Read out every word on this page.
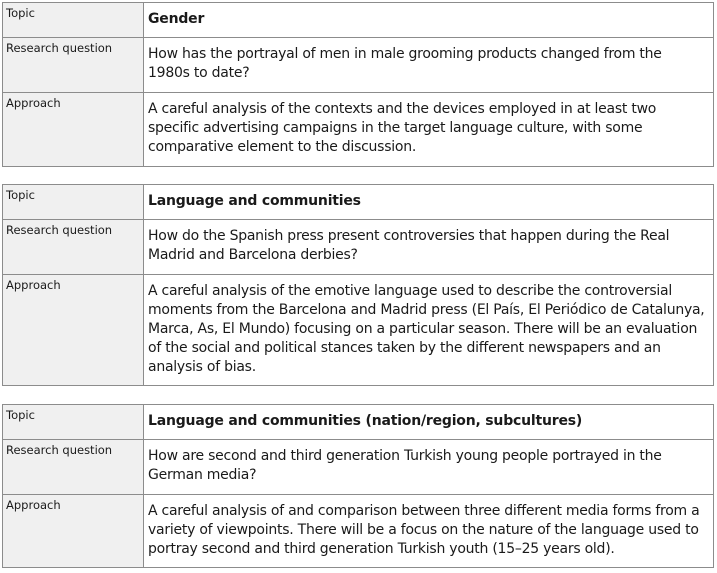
Topic	Gender
Research question	How has the portrayal of men in male grooming products changed from the 1980s to date?
Approach	A careful analysis of the contexts and the devices employed in at least two specific advertising campaigns in the target language culture, with some comparative element to the discussion.
Topic	Language and communities
Research question	How do the Spanish press present controversies that happen during the Real Madrid and Barcelona derbies?
Approach	A careful analysis of the emotive language used to describe the controversial moments from the Barcelona and Madrid press (El País, El Periódico de Catalunya, Marca, As, El Mundo) focusing on a particular season. There will be an evaluation of the social and political stances taken by the different newspapers and an analysis of bias.
Topic	Language and communities (nation/region, subcultures)
Research question	How are second and third generation Turkish young people portrayed in the German media?
Approach	A careful analysis of and comparison between three different media forms from a variety of viewpoints. There will be a focus on the nature of the language used to portray second and third generation Turkish youth (15–25 years old).
